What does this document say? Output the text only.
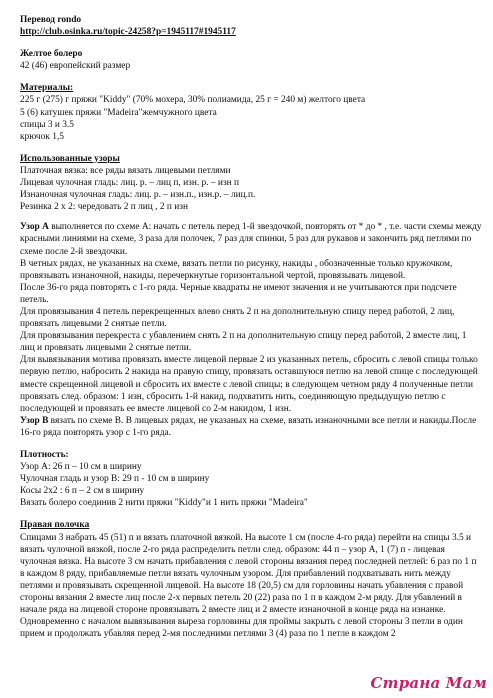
Перевод rondo

http://club.osinka.ru/topic-24258?p=1945117#1945117

Желтое болеро

42 (46) европейский размер

Материалы:

225 г (275) г пряжи "Kiddy" (70% мохера, 30% полиамида, 25 г = 240 м) желтого цвета

5 (6) катушек пряжи "Madeira"жемчужного цвета

спицы 3 и 3.5

крючок 1,5

Использованные узоры

Платочная вязка: все ряды вязать лицевыми петлями

Лицевая чулочная гладь: лиц. р. – лиц п, изн. р. – изн п

Изнаночная чулочная гладь: лиц. р. – изн.п., изн.р. – лиц.п.

Резинка 2 х 2: чередовать 2 п лиц , 2 п изн

Узор А выполняется по схеме А: начать с петель перед 1-й звездочкой, повторять от * до * , т.е. части схемы между красными линиями на схеме, 3 раза для полочек, 7 раз для спинки, 5 раз для рукавов и закончить ряд петлями по схеме после 2-й звездочки.

В четных рядах, не указанных на схеме, вязать петли по рисунку, накиды , обозначенные только кружочком, провязывать изнаночной, накиды, перечеркнутые горизонтальной чертой, провязывать лицевой.

После 36-го ряда повторять с 1-го ряда. Черные квадраты не имеют значения и не учитываются при подсчете петель.

Для провязывания 4 петель перекрещенных влево снять 2 п на дополнительную спицу перед работой, 2 лиц, провязать лицевыми 2 снятые петли.

Для провязывания перекреста с убавлением снять 2 п на дополнительную спицу перед работой, 2 вместе лиц, 1 лиц и провязать лицевыми 2 снятые петли.

Для вывязывания мотива провязать вместе лицевой первые 2 из указанных петель, сбросить с левой спицы только первую петлю, набросить 2 накида на правую спицу, провязать оставшуюся петлю на левой спице с последующей вместе скрещенной лицевой и сбросить их вместе с левой спицы; в следующем четном ряду 4 полученные петли провязать след. образом: 1 изн, сбросить 1-й накид, подхватить нить, соединяющую предыдущую петлю с последующей и провязать ее вместе лицевой со 2-м накидом, 1 изн.

Узор В вязать по схеме В. В лицевых рядах, не указаных на схеме, вязать изнаночными все петли и накиды.После 16-го ряда повторять узор с 1-го ряда.

Плотность:

Узор А: 26 п – 10 см в ширину

Чулочная гладь и узор В: 29 п - 10 см в ширину

Косы 2х2 : 6 п – 2 см в ширину

Вязать болеро соединив 2 нити пряжи "Kiddy"и 1 нить пряжи "Madeira"

Правая полочка

Спицами 3 набрать 45 (51) п и вязать платочной вязкой. На высоте 1 см (после 4-го ряда) перейти на спицы 3.5 и вязать чулочной вязкой, после 2-го ряда распределить петли след. образом: 44 п – узор А, 1 (7) п - лицевая чулочная вязка. На высоте 3 см начать прибавления с левой стороны вязания перед последней петлей: 6 раз по 1 п в каждом 8 ряду, прибавляемые петли вязать чулочным узором. Для прибавлений подхватывать нить между петлями и провязывать скрещенной лицевой. На высоте 18 (20,5) см для горловины начать убавления с правой стороны вязания 2 вместе лиц после 2-х первых петель 20 (22) раза по 1 п в каждом 2-м ряду. Для убавлений в начале ряда на лицевой стороне провязывать 2 вместе лиц и 2 вместе изнаночной в конце ряда на изнанке.

Одновременно с началом вывязывания выреза горловины для проймы закрыть с левой стороны 3 петли в один прием и продолжать убавляя перед 2-мя последними петлями 3 (4) раза по 1 петле в каждом 2

Страна Мам
